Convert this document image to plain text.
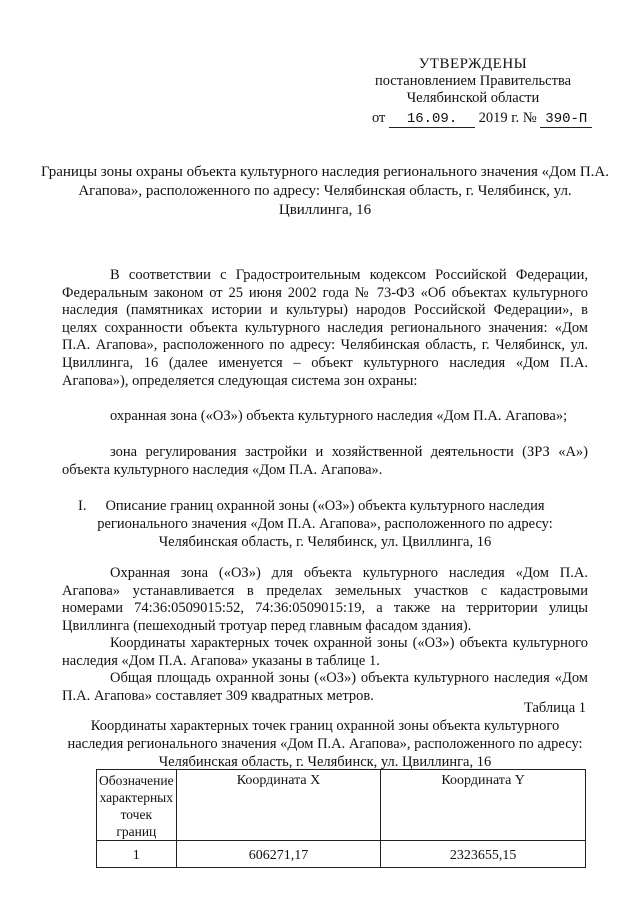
УТВЕРЖДЕНЫ
постановлением Правительства
Челябинской области
от 16.09. 2019 г. № 390-П
Границы зоны охраны объекта культурного наследия регионального значения «Дом П.А. Агапова», расположенного по адресу: Челябинская область, г. Челябинск, ул. Цвиллинга, 16
В соответствии с Градостроительным кодексом Российской Федерации, Федеральным законом от 25 июня 2002 года № 73-ФЗ «Об объектах культурного наследия (памятниках истории и культуры) народов Российской Федерации», в целях сохранности объекта культурного наследия регионального значения: «Дом П.А. Агапова», расположенного по адресу: Челябинская область, г. Челябинск, ул. Цвиллинга, 16 (далее именуется – объект культурного наследия «Дом П.А. Агапова»), определяется следующая система зон охраны:
охранная зона («ОЗ») объекта культурного наследия «Дом П.А. Агапова»;
зона регулирования застройки и хозяйственной деятельности (ЗРЗ «А») объекта культурного наследия «Дом П.А. Агапова».
I.	Описание границ охранной зоны («ОЗ») объекта культурного наследия
регионального значения «Дом П.А. Агапова», расположенного по адресу:
Челябинская область, г. Челябинск, ул. Цвиллинга, 16
Охранная зона («ОЗ») для объекта культурного наследия «Дом П.А. Агапова» устанавливается в пределах земельных участков с кадастровыми номерами 74:36:0509015:52, 74:36:0509015:19, а также на территории улицы Цвиллинга (пешеходный тротуар перед главным фасадом здания).
Координаты характерных точек охранной зоны («ОЗ») объекта культурного наследия «Дом П.А. Агапова» указаны в таблице 1.
Общая площадь охранной зоны («ОЗ») объекта культурного наследия «Дом П.А. Агапова» составляет 309 квадратных метров.
Таблица 1
Координаты характерных точек границ охранной зоны объекта культурного наследия регионального значения «Дом П.А. Агапова», расположенного по адресу: Челябинская область, г. Челябинск, ул. Цвиллинга, 16
Обозначение характерных точек границ	Координата X	Координата Y
1	606271,17	2323655,15
